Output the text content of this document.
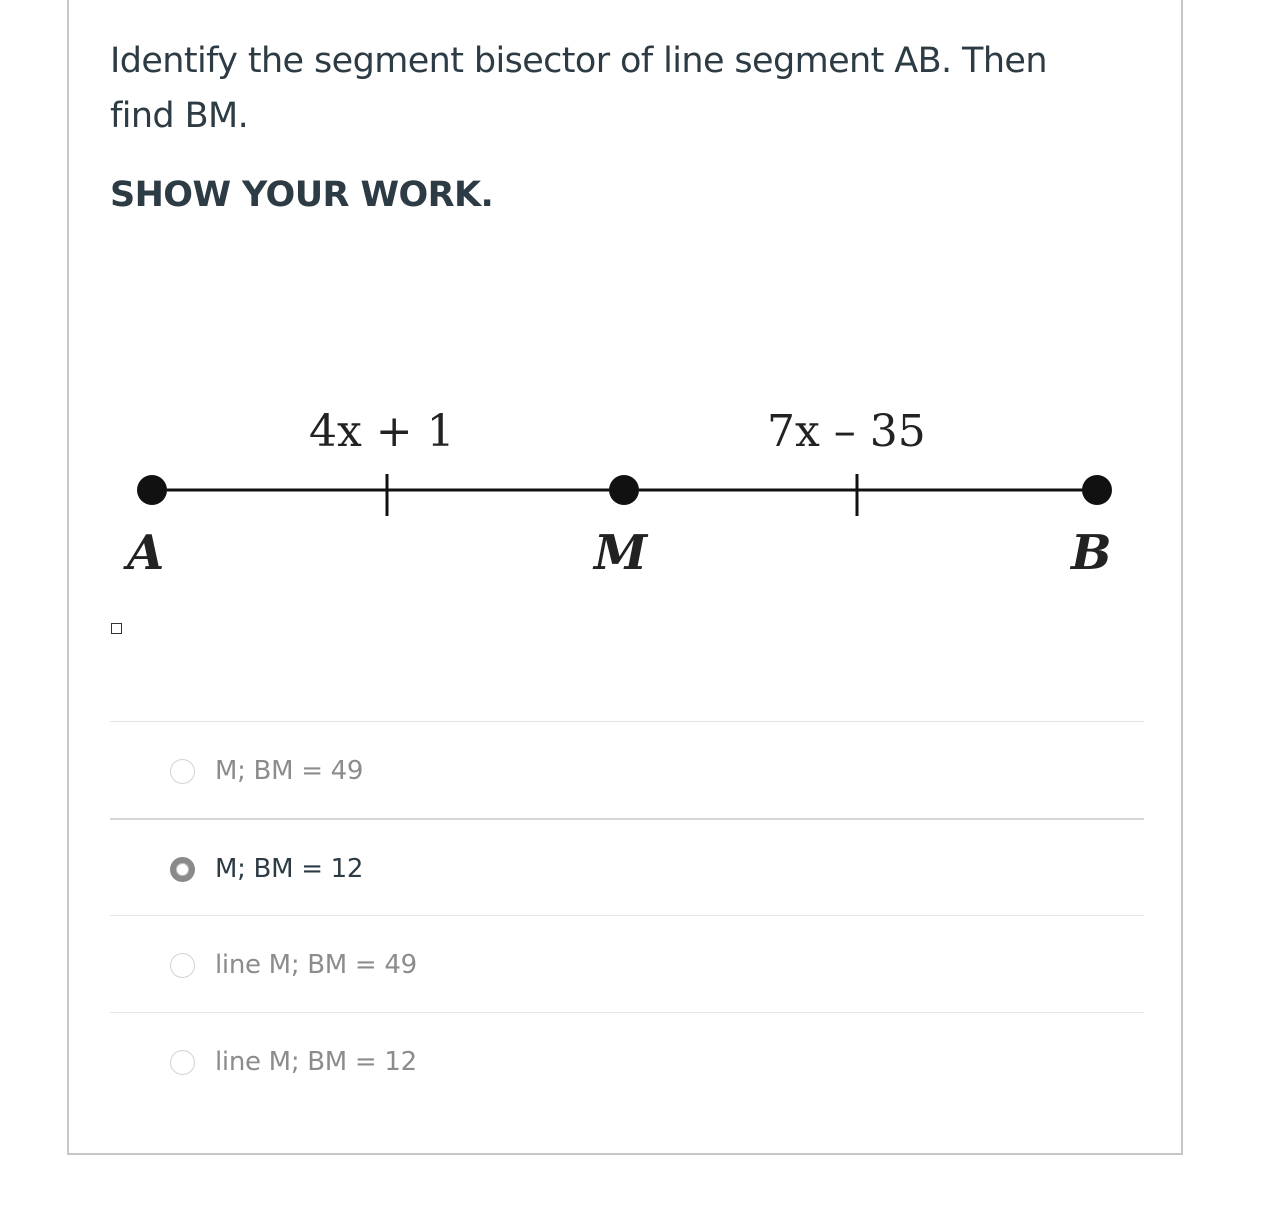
Identify the segment bisector of line segment AB. Then find BM.

SHOW YOUR WORK.

4x + 1	7x – 35
A	M	B
M; BM = 49
M; BM = 12
line M; BM = 49
line M; BM = 12
